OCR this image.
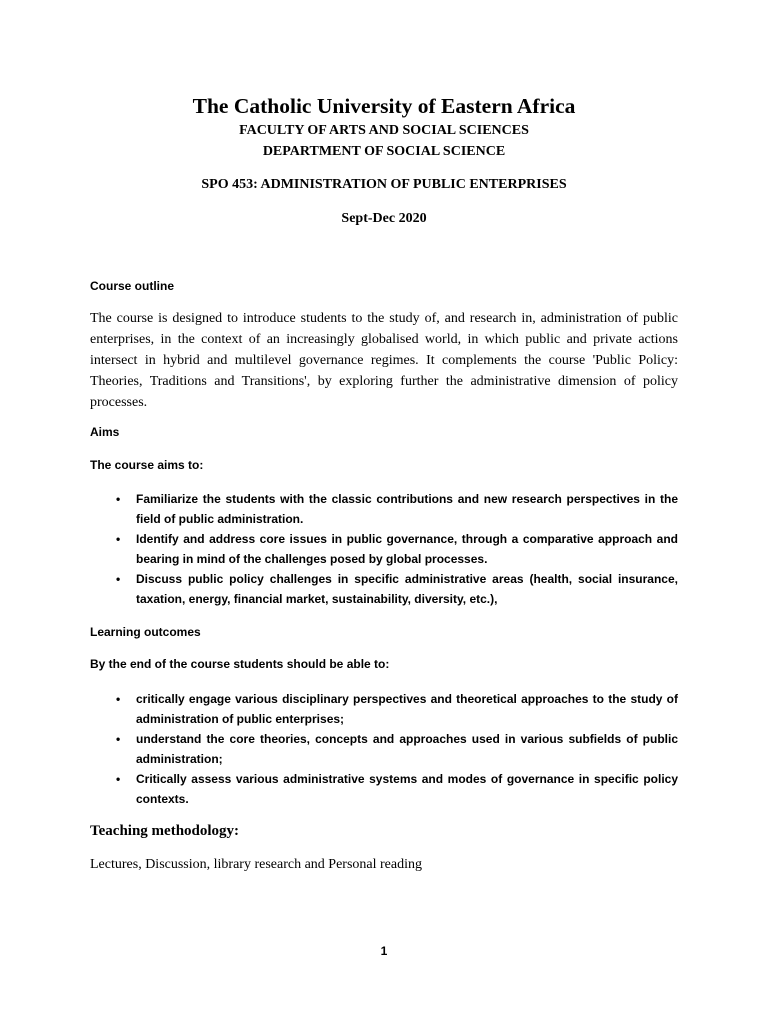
The Catholic University of Eastern Africa
FACULTY OF ARTS AND SOCIAL SCIENCES
DEPARTMENT OF SOCIAL SCIENCE
SPO 453: ADMINISTRATION OF PUBLIC ENTERPRISES
Sept-Dec 2020
Course outline
The course is designed to introduce students to the study of, and research in, administration of public enterprises, in the context of an increasingly globalised world, in which public and private actions intersect in hybrid and multilevel governance regimes. It complements the course 'Public Policy: Theories, Traditions and Transitions', by exploring further the administrative dimension of policy processes.
Aims
The course aims to:
• Familiarize the students with the classic contributions and new research perspectives in the field of public administration.
• Identify and address core issues in public governance, through a comparative approach and bearing in mind of the challenges posed by global processes.
• Discuss public policy challenges in specific administrative areas (health, social insurance, taxation, energy, financial market, sustainability, diversity, etc.),
Learning outcomes
By the end of the course students should be able to:
• critically engage various disciplinary perspectives and theoretical approaches to the study of administration of public enterprises;
• understand the core theories, concepts and approaches used in various subfields of public administration;
• Critically assess various administrative systems and modes of governance in specific policy contexts.
Teaching methodology:
Lectures, Discussion, library research and Personal reading
1
